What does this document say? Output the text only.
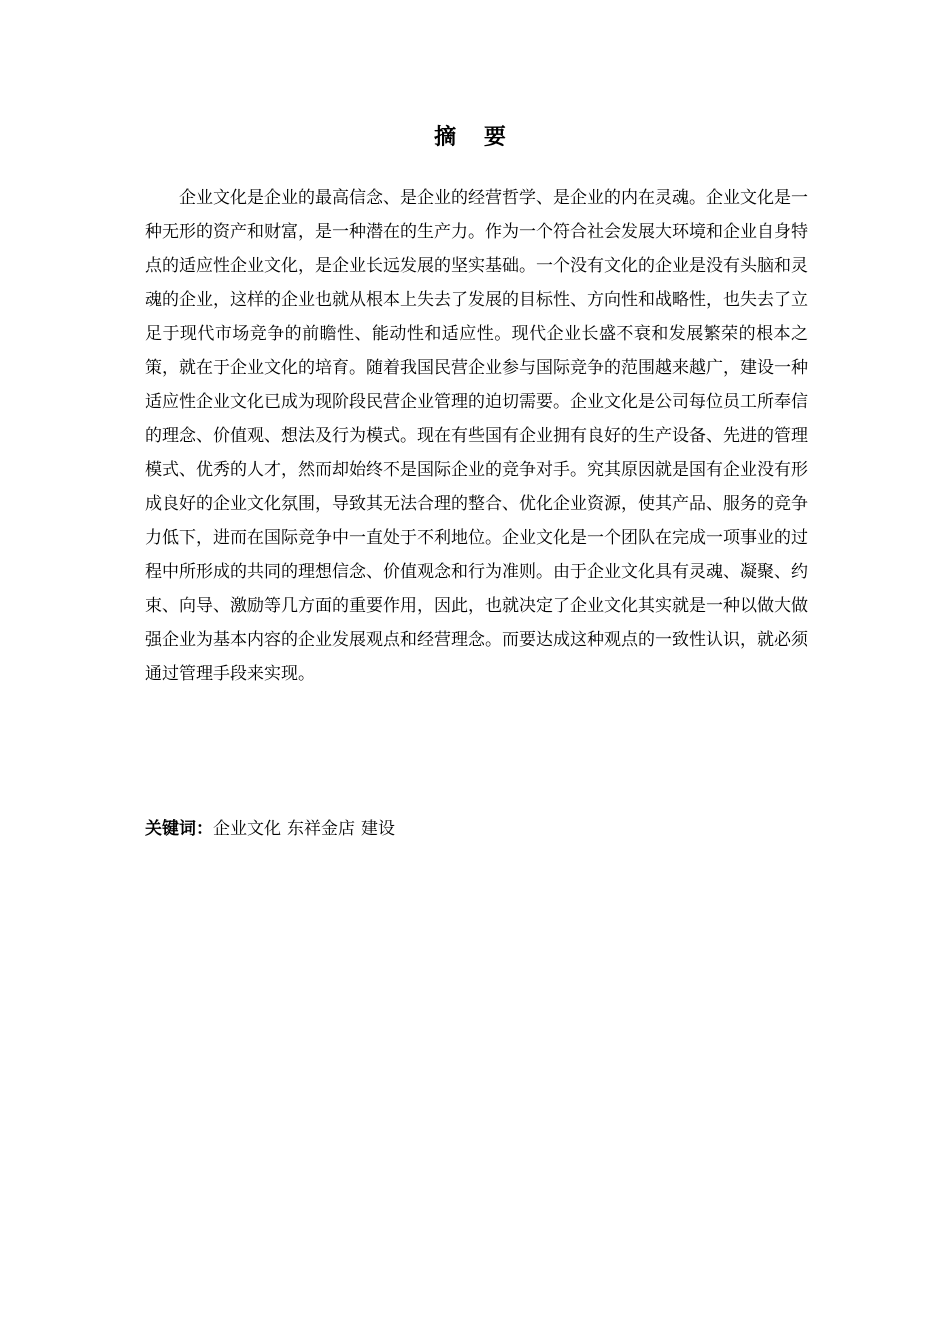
摘 要

企业文化是企业的最高信念、是企业的经营哲学、是企业的内在灵魂。企业文化是一种无形的资产和财富，是一种潜在的生产力。作为一个符合社会发展大环境和企业自身特点的适应性企业文化，是企业长远发展的坚实基础。一个没有文化的企业是没有头脑和灵魂的企业，这样的企业也就从根本上失去了发展的目标性、方向性和战略性，也失去了立足于现代市场竞争的前瞻性、能动性和适应性。现代企业长盛不衰和发展繁荣的根本之策，就在于企业文化的培育。随着我国民营企业参与国际竞争的范围越来越广，建设一种适应性企业文化已成为现阶段民营企业管理的迫切需要。企业文化是公司每位员工所奉信的理念、价值观、想法及行为模式。现在有些国有企业拥有良好的生产设备、先进的管理模式、优秀的人才，然而却始终不是国际企业的竞争对手。究其原因就是国有企业没有形成良好的企业文化氛围，导致其无法合理的整合、优化企业资源，使其产品、服务的竞争力低下，进而在国际竞争中一直处于不利地位。企业文化是一个团队在完成一项事业的过程中所形成的共同的理想信念、价值观念和行为准则。由于企业文化具有灵魂、凝聚、约束、向导、激励等几方面的重要作用，因此，也就决定了企业文化其实就是一种以做大做强企业为基本内容的企业发展观点和经营理念。而要达成这种观点的一致性认识，就必须通过管理手段来实现。

关键词：企业文化 东祥金店 建设
